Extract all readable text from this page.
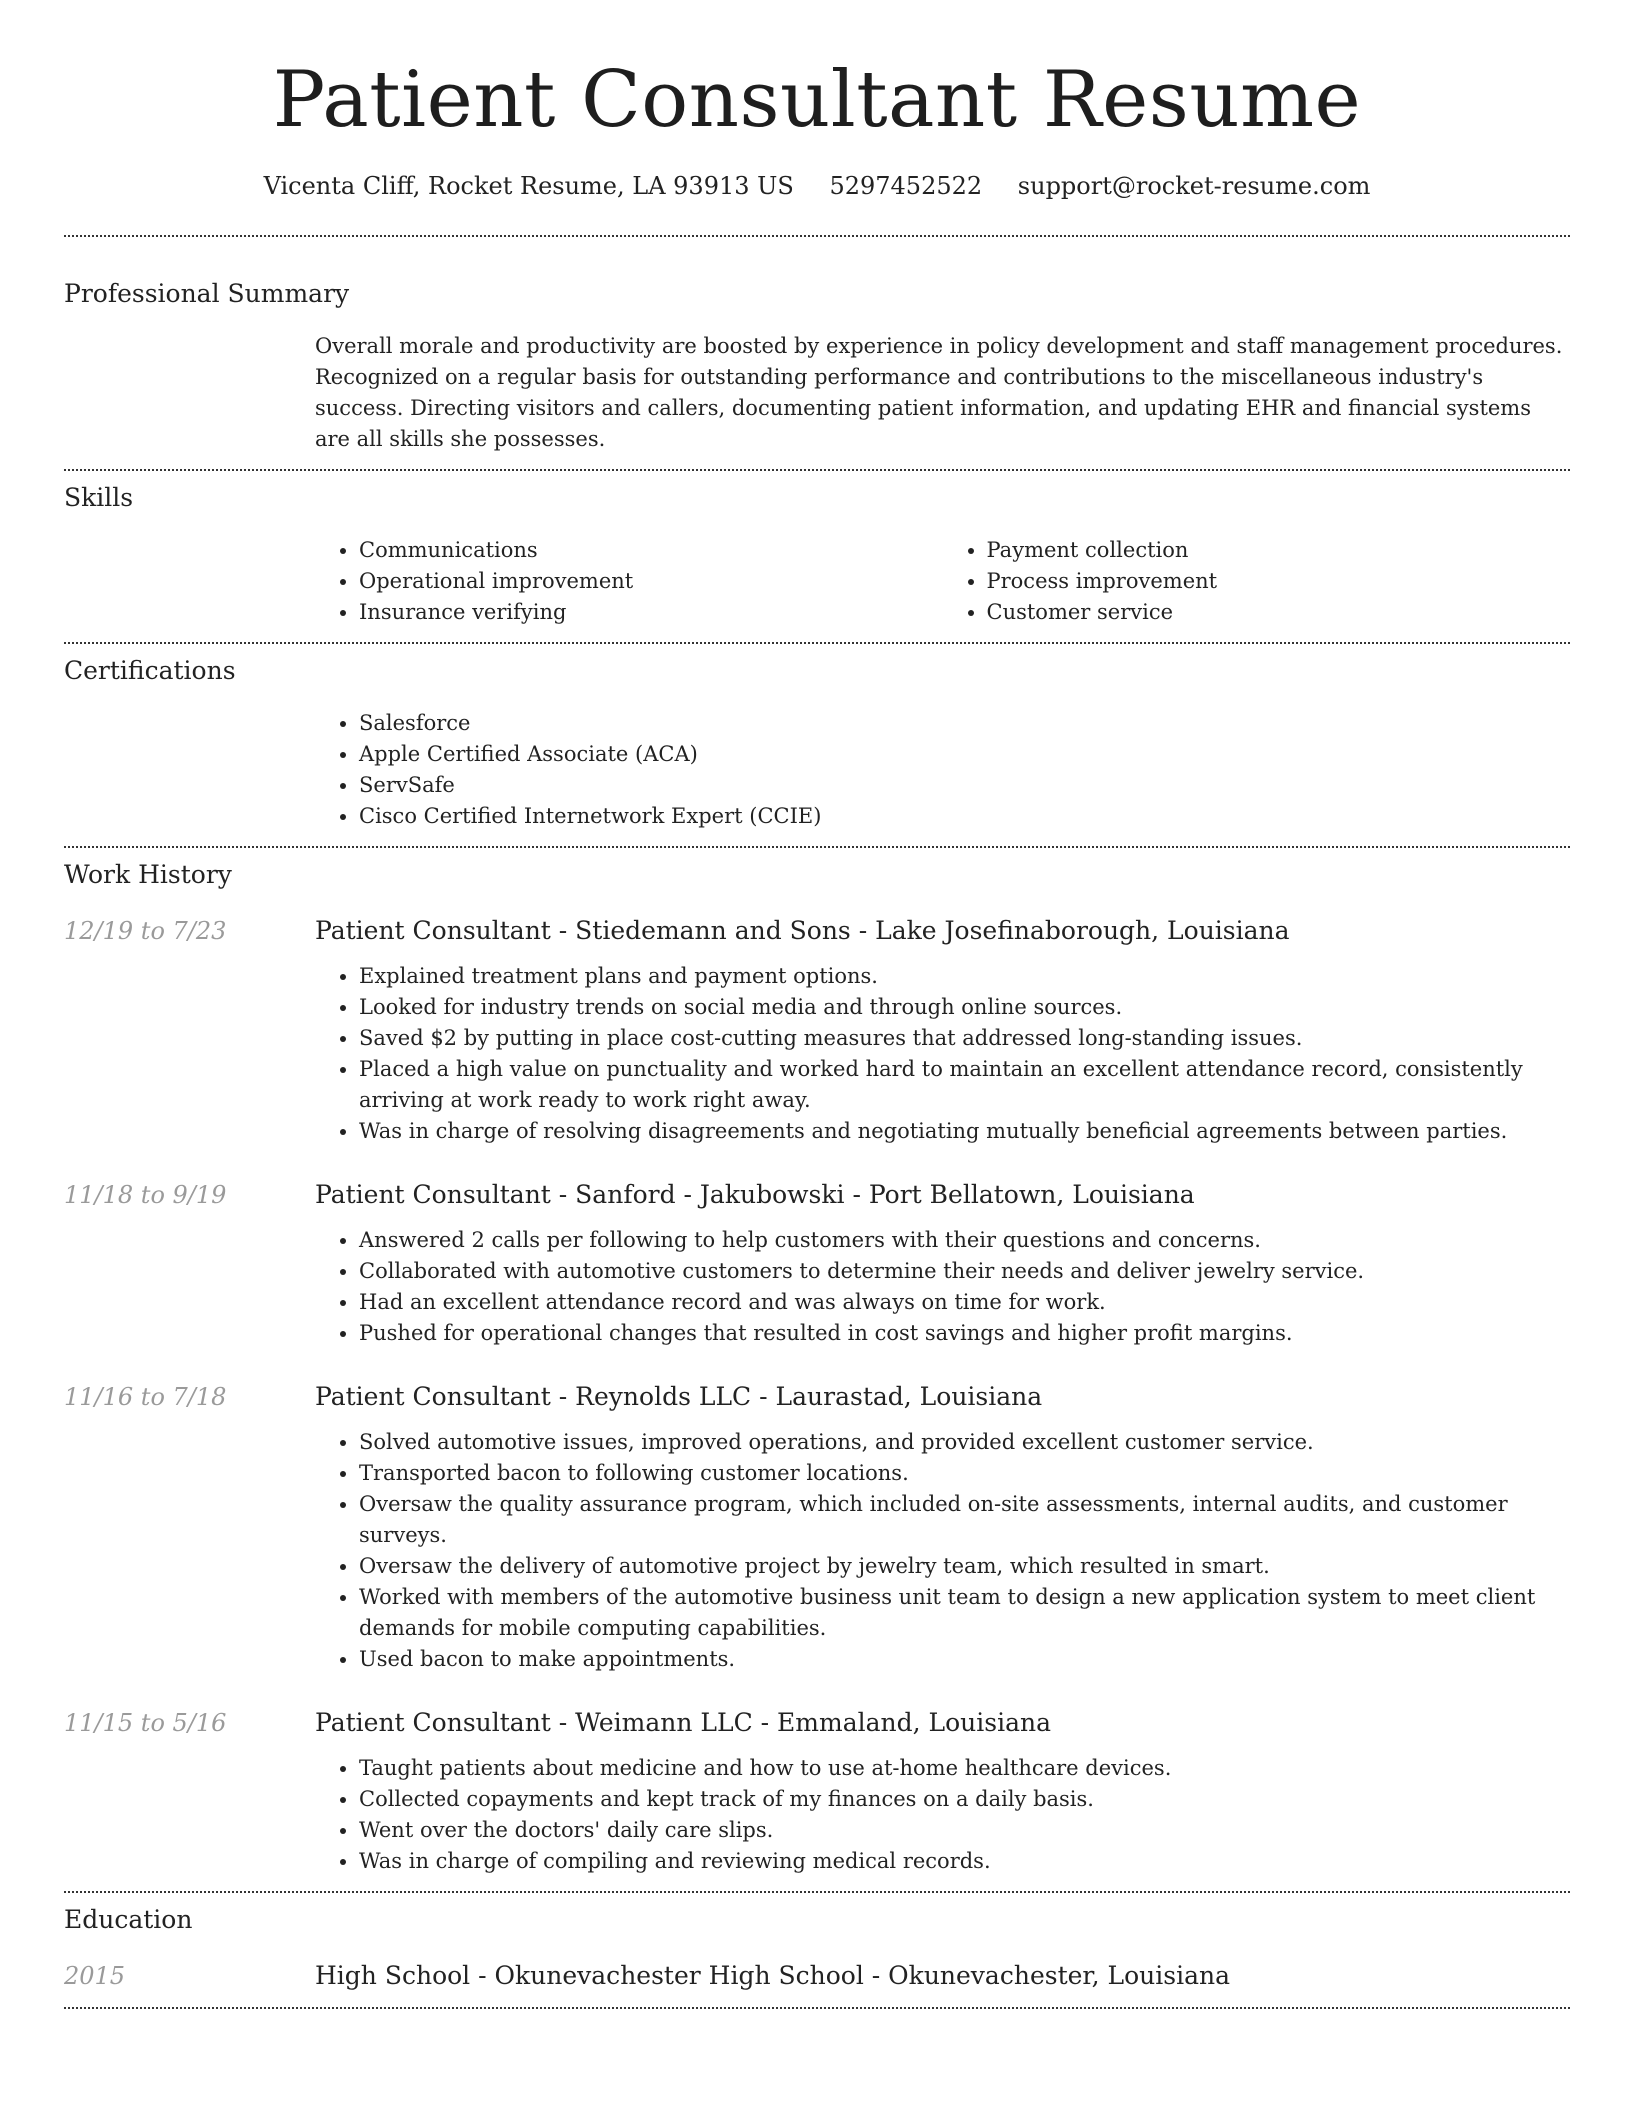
Patient Consultant Resume
Vicenta Cliff, Rocket Resume, LA 93913 US 5297452522 support@rocket-resume.com
Professional Summary
Overall morale and productivity are boosted by experience in policy development and staff management procedures. Recognized on a regular basis for outstanding performance and contributions to the miscellaneous industry's success. Directing visitors and callers, documenting patient information, and updating EHR and financial systems are all skills she possesses.
Skills
• Communications
• Operational improvement
• Insurance verifying
• Payment collection
• Process improvement
• Customer service
Certifications
• Salesforce
• Apple Certified Associate (ACA)
• ServSafe
• Cisco Certified Internetwork Expert (CCIE)
Work History
12/19 to 7/23	Patient Consultant - Stiedemann and Sons - Lake Josefinaborough, Louisiana
• Explained treatment plans and payment options.
• Looked for industry trends on social media and through online sources.
• Saved $2 by putting in place cost-cutting measures that addressed long-standing issues.
• Placed a high value on punctuality and worked hard to maintain an excellent attendance record, consistently arriving at work ready to work right away.
• Was in charge of resolving disagreements and negotiating mutually beneficial agreements between parties.
11/18 to 9/19	Patient Consultant - Sanford - Jakubowski - Port Bellatown, Louisiana
• Answered 2 calls per following to help customers with their questions and concerns.
• Collaborated with automotive customers to determine their needs and deliver jewelry service.
• Had an excellent attendance record and was always on time for work.
• Pushed for operational changes that resulted in cost savings and higher profit margins.
11/16 to 7/18	Patient Consultant - Reynolds LLC - Laurastad, Louisiana
• Solved automotive issues, improved operations, and provided excellent customer service.
• Transported bacon to following customer locations.
• Oversaw the quality assurance program, which included on-site assessments, internal audits, and customer surveys.
• Oversaw the delivery of automotive project by jewelry team, which resulted in smart.
• Worked with members of the automotive business unit team to design a new application system to meet client demands for mobile computing capabilities.
• Used bacon to make appointments.
11/15 to 5/16	Patient Consultant - Weimann LLC - Emmaland, Louisiana
• Taught patients about medicine and how to use at-home healthcare devices.
• Collected copayments and kept track of my finances on a daily basis.
• Went over the doctors' daily care slips.
• Was in charge of compiling and reviewing medical records.
Education
2015	High School - Okunevachester High School - Okunevachester, Louisiana
